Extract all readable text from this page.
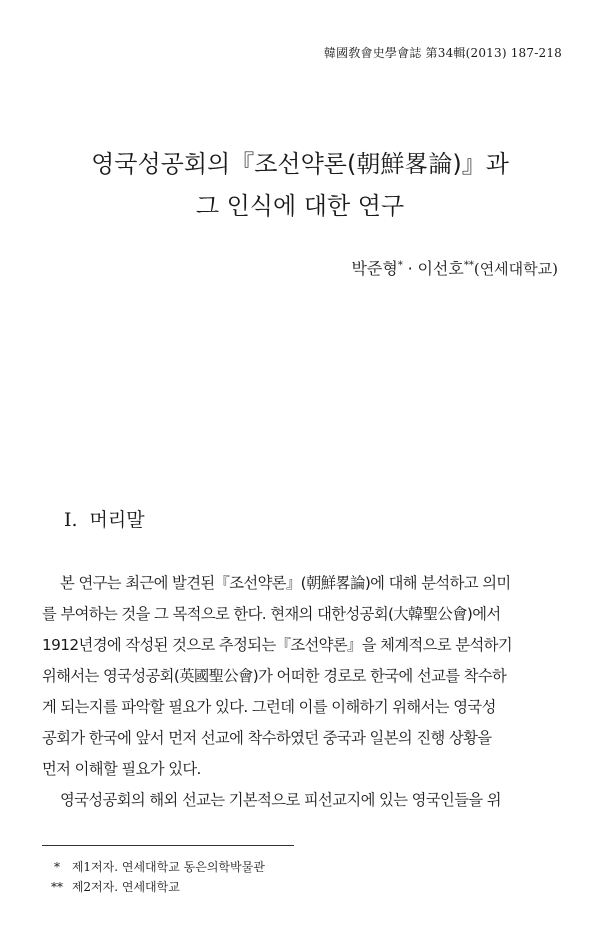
韓國敎會史學會誌 第34輯(2013) 187-218
영국성공회의『조선약론(朝鮮畧論)』과
그 인식에 대한 연구
박준형* · 이선호**(연세대학교)
Ⅰ. 머리말
본 연구는 최근에 발견된『조선약론』(朝鮮畧論)에 대해 분석하고 의미
를 부여하는 것을 그 목적으로 한다. 현재의 대한성공회(大韓聖公會)에서
1912년경에 작성된 것으로 추정되는『조선약론』을 체계적으로 분석하기
위해서는 영국성공회(英國聖公會)가 어떠한 경로로 한국에 선교를 착수하
게 되는지를 파악할 필요가 있다. 그런데 이를 이해하기 위해서는 영국성
공회가 한국에 앞서 먼저 선교에 착수하였던 중국과 일본의 진행 상황을
먼저 이해할 필요가 있다.
영국성공회의 해외 선교는 기본적으로 피선교지에 있는 영국인들을 위
* 제1저자. 연세대학교 동은의학박물관
** 제2저자. 연세대학교
